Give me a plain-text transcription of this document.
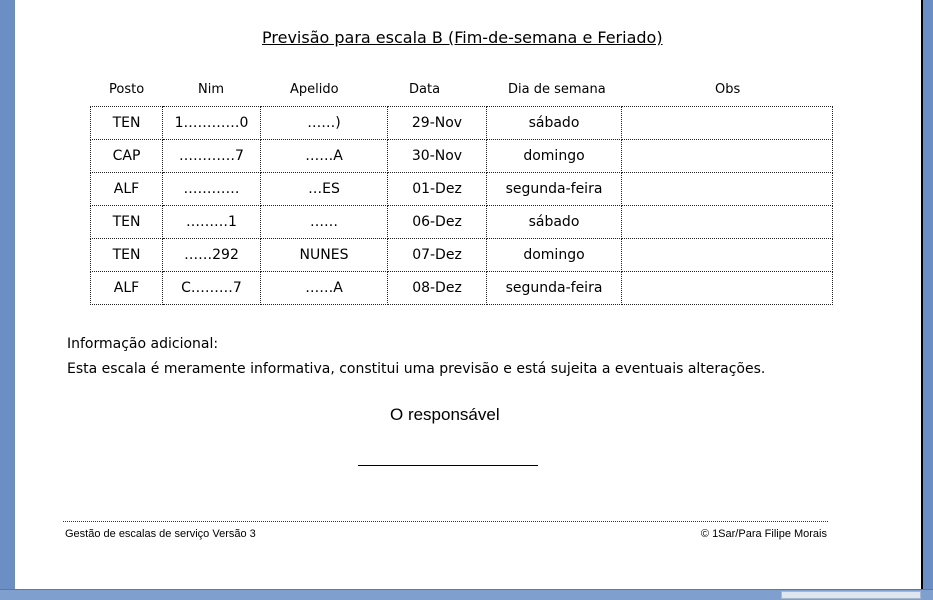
Previsão para escala B (Fim-de-semana e Feriado)
Posto	Nim	Apelido	Data	Dia de semana	Obs
TEN	1…………0	……)	29-Nov	sábado	
CAP	…………7	……A	30-Nov	domingo	
ALF	…………	…ES	01-Dez	segunda-feira	
TEN	………1	……	06-Dez	sábado	
TEN	……292	NUNES	07-Dez	domingo	
ALF	C………7	……A	08-Dez	segunda-feira	
Informação adicional:
Esta escala é meramente informativa, constitui uma previsão e está sujeita a eventuais alterações.
O responsável
Gestão de escalas de serviço Versão 3	© 1Sar/Para Filipe Morais
